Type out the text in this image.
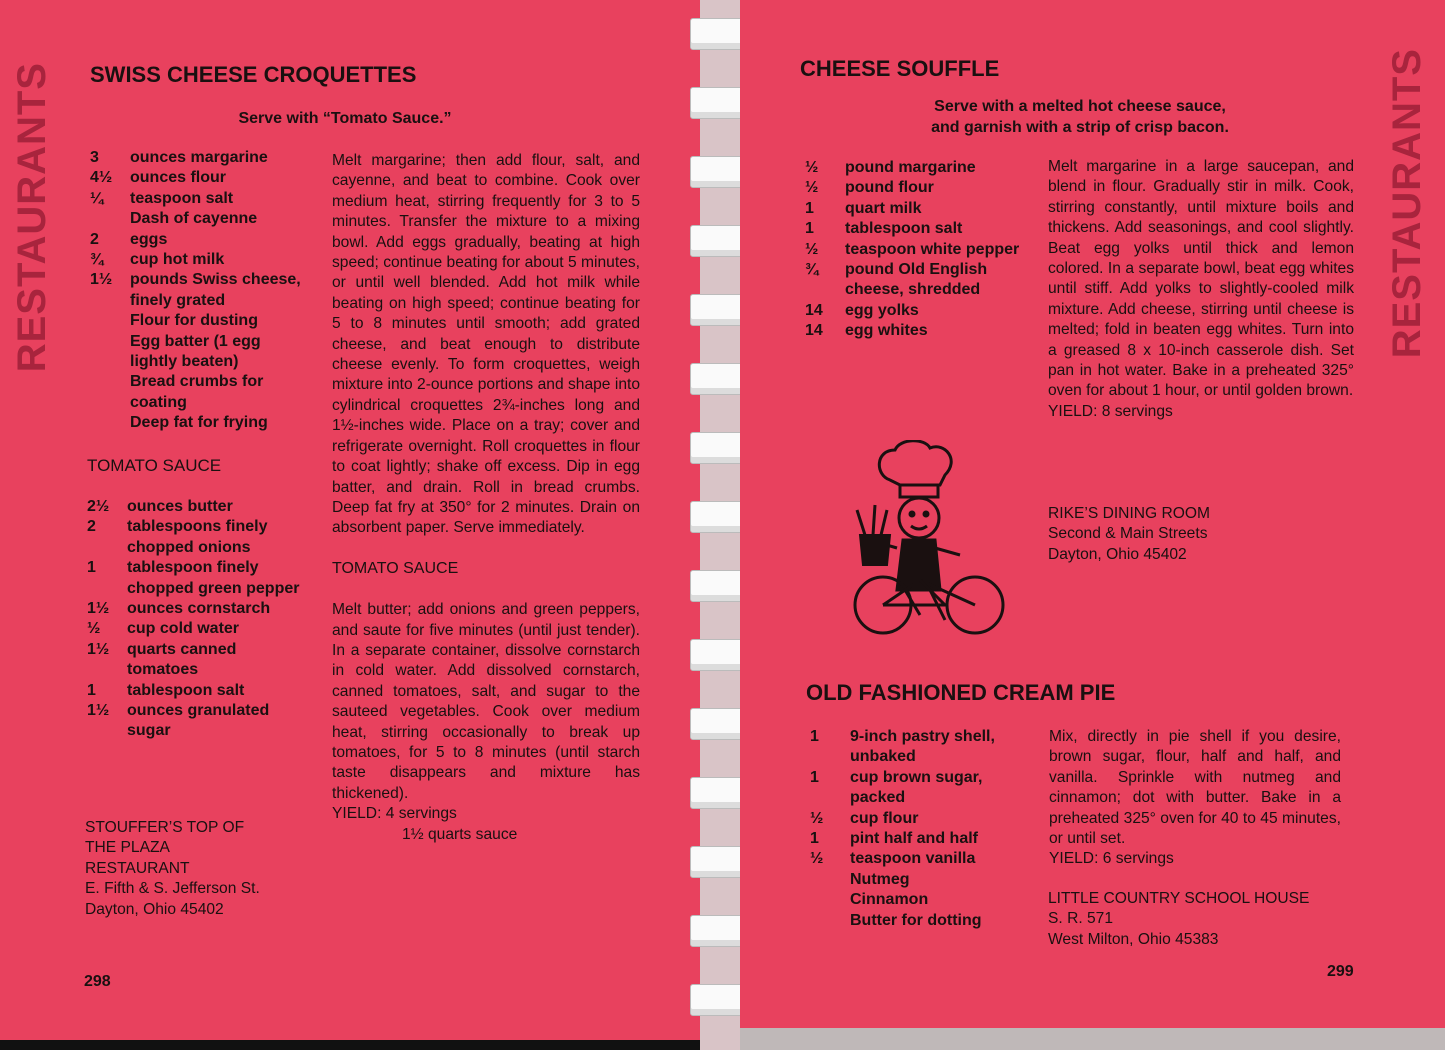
RESTAURANTS SWISS CHEESE CROQUETTES
Serve with “Tomato Sauce.”
3	ounces margarine
4½	ounces flour
¼	teaspoon salt
Dash of cayenne
2	eggs
¾	cup hot milk
1½	pounds Swiss cheese,
finely grated
Flour for dusting
Egg batter (1 egg
lightly beaten)
Bread crumbs for
coating
Deep fat for frying
TOMATO SAUCE
2½	ounces butter
2	tablespoons finely
chopped onions
1	tablespoon finely
chopped green pepper
1½	ounces cornstarch
½	cup cold water
1½	quarts canned
tomatoes
1	tablespoon salt
1½	ounces granulated
sugar

Melt margarine; then add flour, salt, and cayenne, and beat to combine. Cook over medium heat, stirring frequently for 3 to 5 minutes. Transfer the mixture to a mixing bowl. Add eggs gradually, beating at high speed; continue beating for about 5 minutes, or until well blended. Add hot milk while beating on high speed; continue beating for 5 to 8 minutes until smooth; add grated cheese, and beat enough to distribute cheese evenly. To form croquettes, weigh mixture into 2-ounce portions and shape into cylindrical croquettes 2¾-inches long and 1½-inches wide. Place on a tray; cover and refrigerate overnight. Roll croquettes in flour to coat lightly; shake off excess. Dip in egg batter, and drain. Roll in bread crumbs. Deep fat fry at 350° for 2 minutes. Drain on absorbent paper. Serve immediately.

TOMATO SAUCE

Melt butter; add onions and green peppers, and saute for five minutes (until just tender). In a separate container, dissolve cornstarch in cold water. Add dissolved cornstarch, canned tomatoes, salt, and sugar to the sauteed vegetables. Cook over medium heat, stirring occasionally to break up tomatoes, for 5 to 8 minutes (until starch taste disappears and mixture has thickened).

YIELD: 4 servings

1½ quarts sauce

STOUFFER’S TOP OF
THE PLAZA
RESTAURANT
E. Fifth & S. Jefferson St.
Dayton, Ohio 45402
298
RESTAURANTS
CHEESE SOUFFLE
Serve with a melted hot cheese sauce,
and garnish with a strip of crisp bacon.
½	pound margarine
½	pound flour
1	quart milk
1	tablespoon salt
½	teaspoon white pepper
¾	pound Old English
cheese, shredded
14	egg yolks
14	egg whites

Melt margarine in a large saucepan, and blend in flour. Gradually stir in milk. Cook, stirring constantly, until mixture boils and thickens. Add seasonings, and cool slightly. Beat egg yolks until thick and lemon colored. In a separate bowl, beat egg whites until stiff. Add yolks to slightly-cooled milk mixture. Add cheese, stirring until cheese is melted; fold in beaten egg whites. Turn into a greased 8 x 10-inch casserole dish. Set pan in hot water. Bake in a preheated 325° oven for about 1 hour, or until golden brown.

YIELD: 8 servings

RIKE’S DINING ROOM
Second & Main Streets
Dayton, Ohio 45402
OLD FASHIONED CREAM PIE
1	9-inch pastry shell,
unbaked
1	cup brown sugar,
packed
½	cup flour
1	pint half and half
½	teaspoon vanilla
Nutmeg
Cinnamon
Butter for dotting

Mix, directly in pie shell if you desire, brown sugar, flour, half and half, and vanilla. Sprinkle with nutmeg and cinnamon; dot with butter. Bake in a preheated 325° oven for 40 to 45 minutes, or until set.

YIELD: 6 servings

LITTLE COUNTRY SCHOOL HOUSE
S. R. 571
West Milton, Ohio 45383
299
